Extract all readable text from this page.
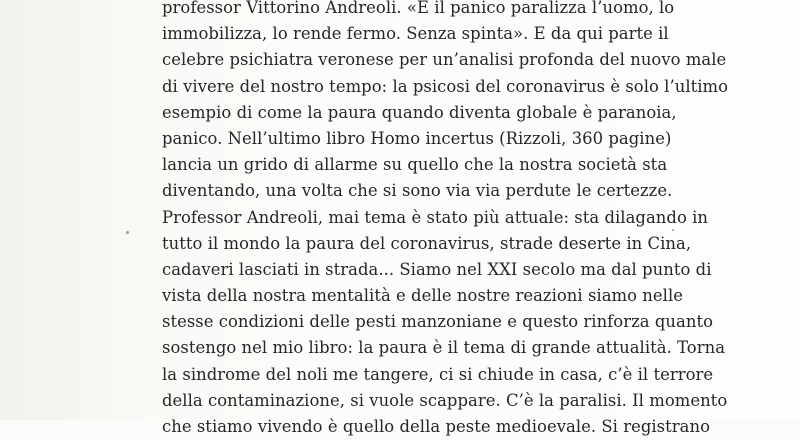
professor Vittorino Andreoli. «E il panico paralizza l’uomo, lo
immobilizza, lo rende fermo. Senza spinta». E da qui parte il
celebre psichiatra veronese per un’analisi profonda del nuovo male
di vivere del nostro tempo: la psicosi del coronavirus è solo l’ultimo
esempio di come la paura quando diventa globale è paranoia,
panico. Nell’ultimo libro Homo incertus (Rizzoli, 360 pagine)
lancia un grido di allarme su quello che la nostra società sta
diventando, una volta che si sono via via perdute le certezze.
Professor Andreoli, mai tema è stato più attuale: sta dilagando in
tutto il mondo la paura del coronavirus, strade deserte in Cina,
cadaveri lasciati in strada... Siamo nel XXI secolo ma dal punto di
vista della nostra mentalità e delle nostre reazioni siamo nelle
stesse condizioni delle pesti manzoniane e questo rinforza quanto
sostengo nel mio libro: la paura è il tema di grande attualità. Torna
la sindrome del noli me tangere, ci si chiude in casa, c’è il terrore
della contaminazione, si vuole scappare. C’è la paralisi. Il momento
che stiamo vivendo è quello della peste medioevale. Si registrano
